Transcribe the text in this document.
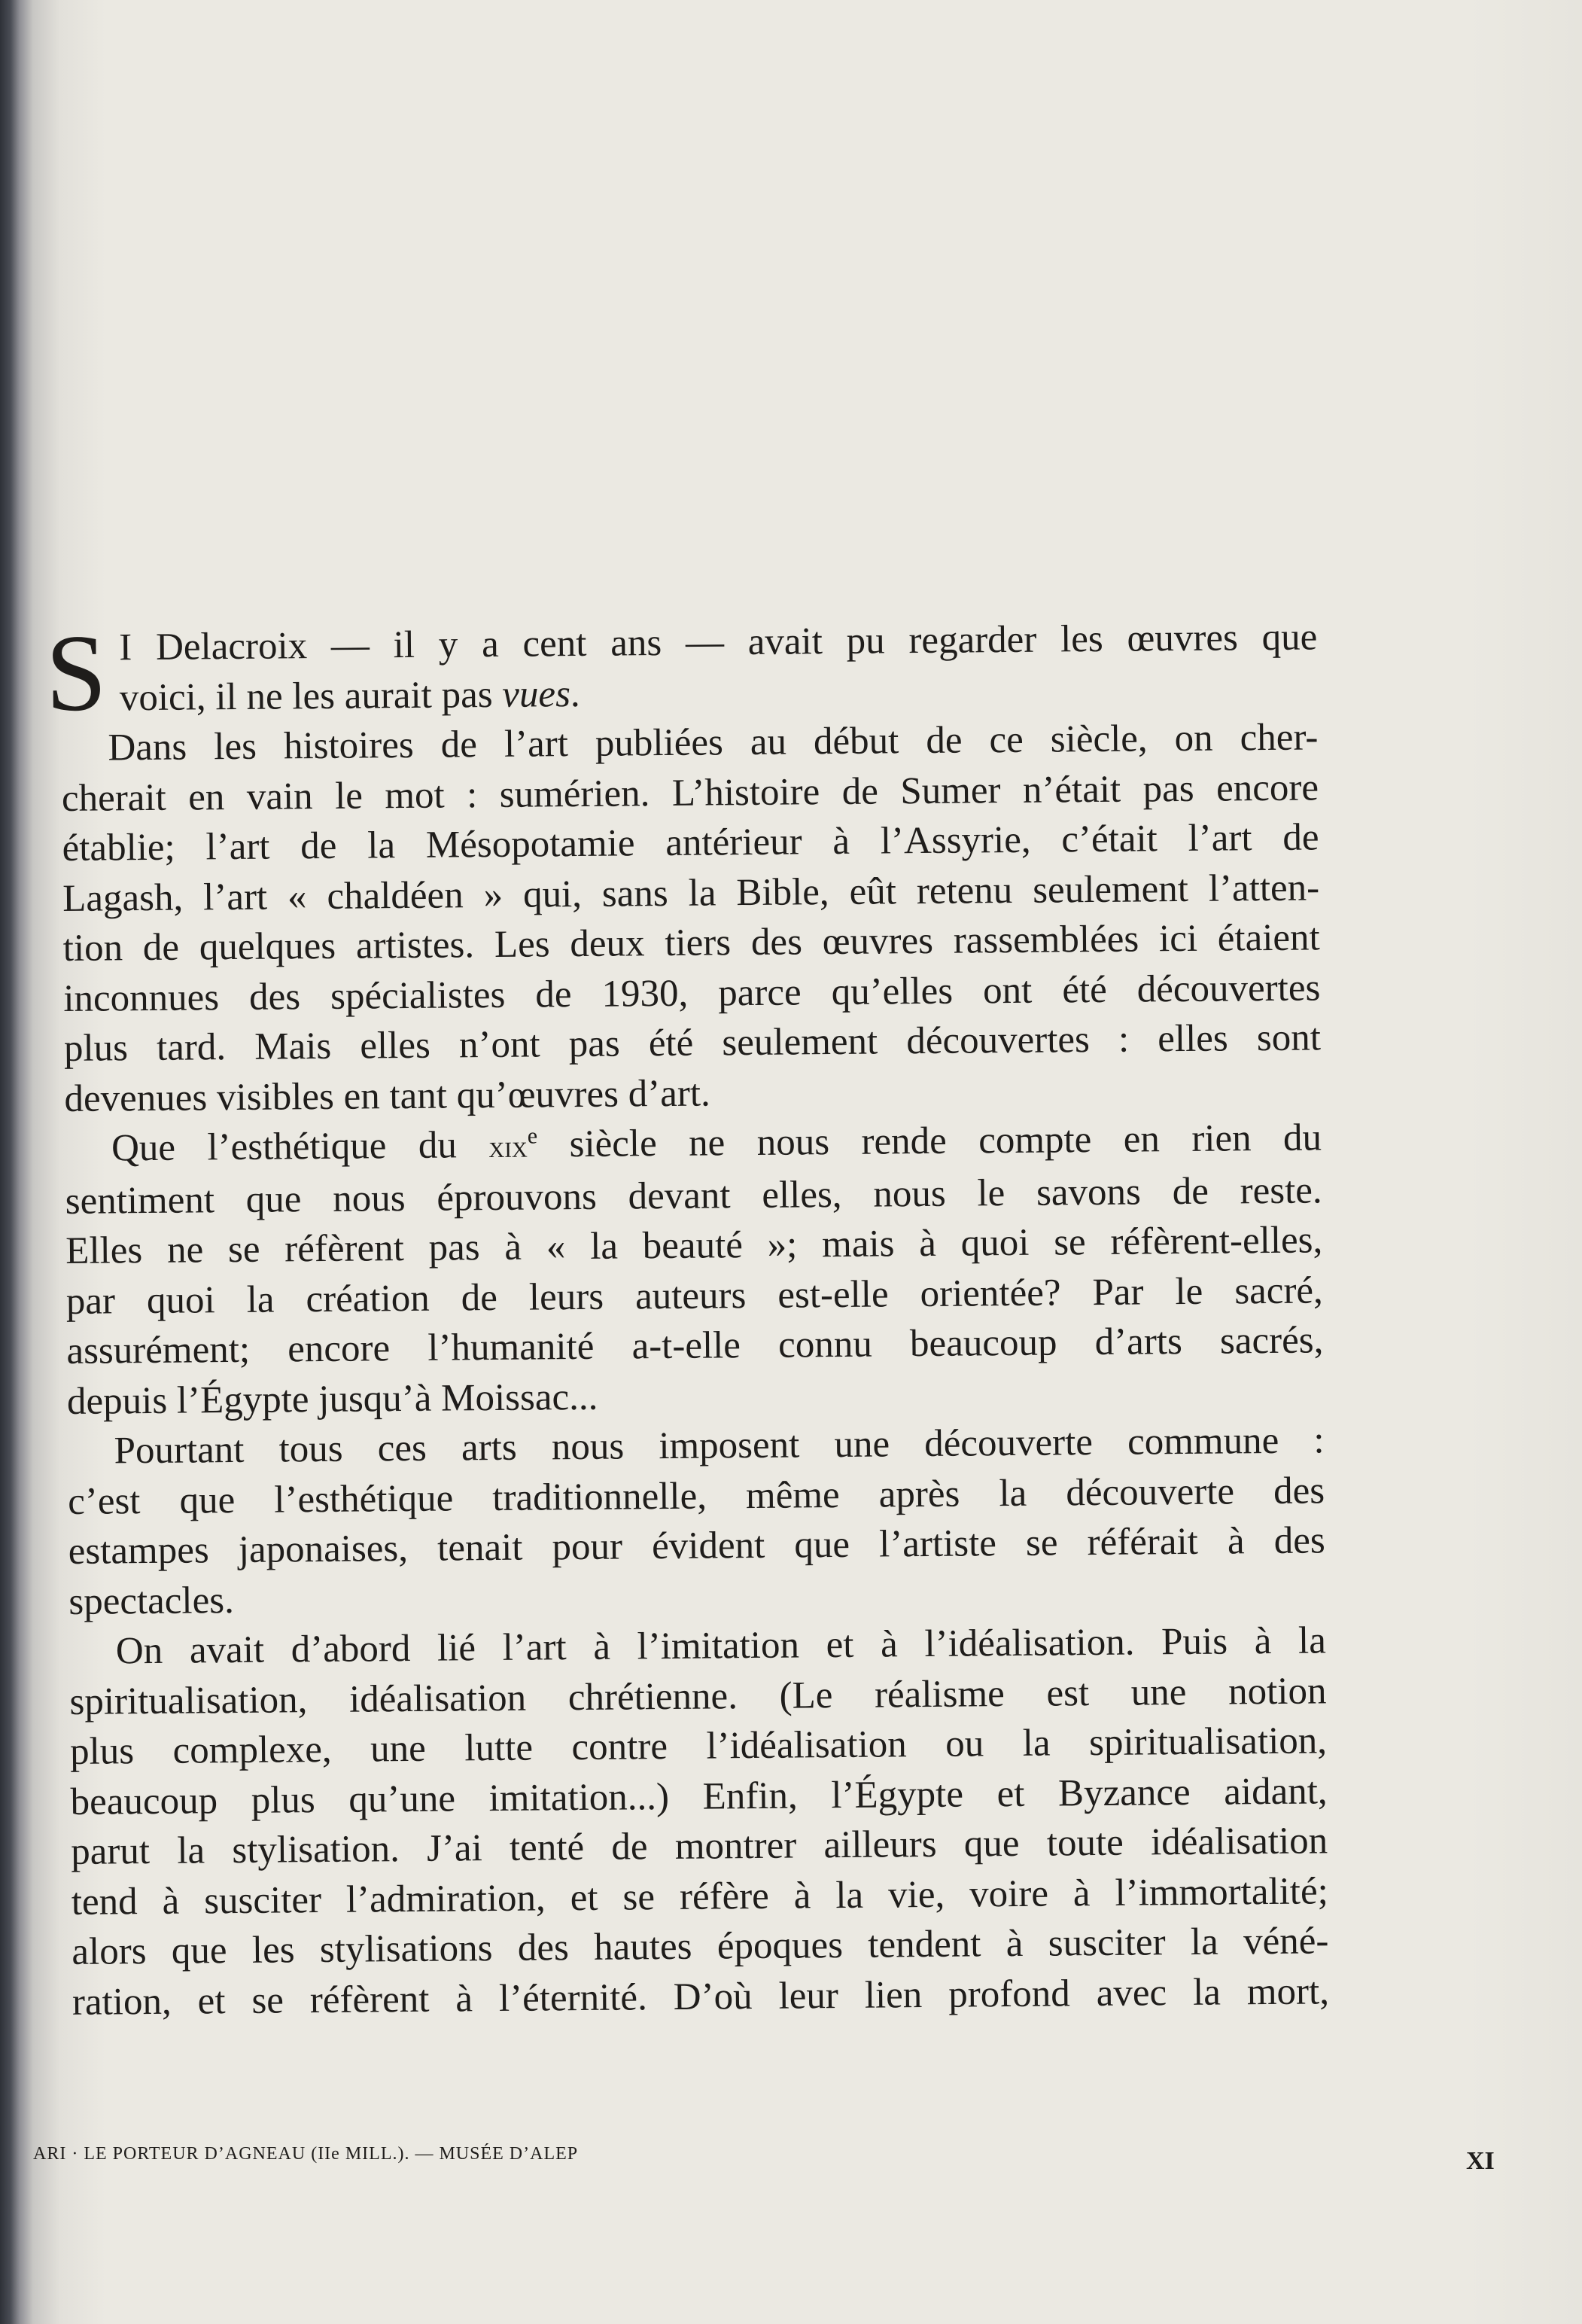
S I Delacroix — il y a cent ans — avait pu regarder les œuvres que
voici, il ne les aurait pas vues.
Dans les histoires de l’art publiées au début de ce siècle, on cher-
cherait en vain le mot : sumérien. L’histoire de Sumer n’était pas encore
établie; l’art de la Mésopotamie antérieur à l’Assyrie, c’était l’art de
Lagash, l’art « chaldéen » qui, sans la Bible, eût retenu seulement l’atten-
tion de quelques artistes. Les deux tiers des œuvres rassemblées ici étaient
inconnues des spécialistes de 1930, parce qu’elles ont été découvertes
plus tard. Mais elles n’ont pas été seulement découvertes : elles sont
devenues visibles en tant qu’œuvres d’art.
Que l’esthétique du xix$^e$ siècle ne nous rende compte en rien du
sentiment que nous éprouvons devant elles, nous le savons de reste.
Elles ne se réfèrent pas à « la beauté »; mais à quoi se réfèrent-elles,
par quoi la création de leurs auteurs est-elle orientée? Par le sacré,
assurément; encore l’humanité a-t-elle connu beaucoup d’arts sacrés,
depuis l’Égypte jusqu’à Moissac...
Pourtant tous ces arts nous imposent une découverte commune :
c’est que l’esthétique traditionnelle, même après la découverte des
estampes japonaises, tenait pour évident que l’artiste se référait à des
spectacles.
On avait d’abord lié l’art à l’imitation et à l’idéalisation. Puis à la
spiritualisation, idéalisation chrétienne. (Le réalisme est une notion
plus complexe, une lutte contre l’idéalisation ou la spiritualisation,
beaucoup plus qu’une imitation...) Enfin, l’Égypte et Byzance aidant,
parut la stylisation. J’ai tenté de montrer ailleurs que toute idéalisation
tend à susciter l’admiration, et se réfère à la vie, voire à l’immortalité;
alors que les stylisations des hautes époques tendent à susciter la véné-
ration, et se réfèrent à l’éternité. D’où leur lien profond avec la mort,
ARI · LE PORTEUR D’AGNEAU (IIe MILL.). — MUSÉE D’ALEP	XI
